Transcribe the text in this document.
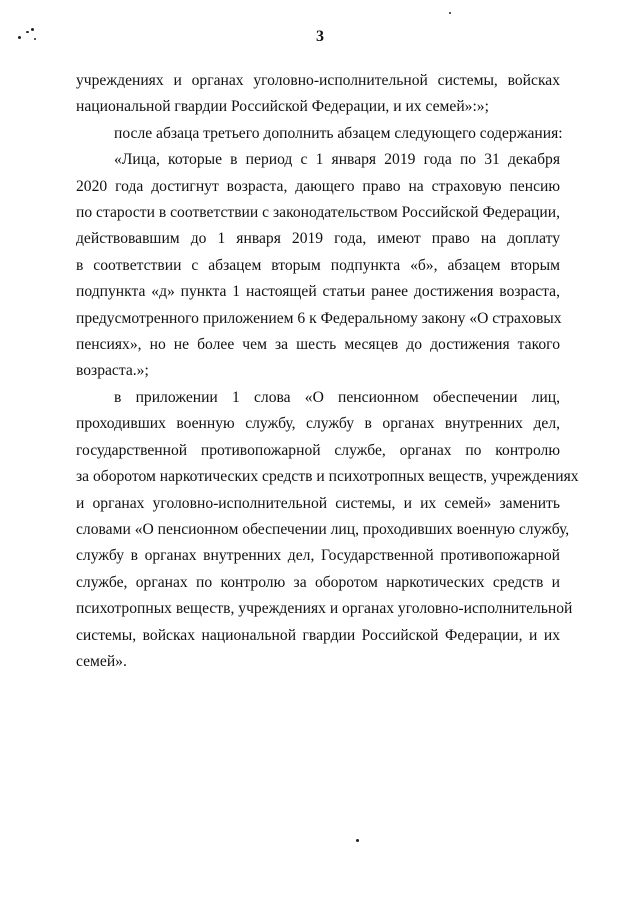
3

учреждениях и органах уголовно-исполнительной системы, войсках
национальной гвардии Российской Федерации, и их семей»:»;

после абзаца третьего дополнить абзацем следующего содержания:

«Лица, которые в период с 1 января 2019 года по 31 декабря
2020 года достигнут возраста, дающего право на страховую пенсию
по старости в соответствии с законодательством Российской Федерации,
действовавшим до 1 января 2019 года, имеют право на доплату
в соответствии с абзацем вторым подпункта «б», абзацем вторым
подпункта «д» пункта 1 настоящей статьи ранее достижения возраста,
предусмотренного приложением 6 к Федеральному закону «О страховых
пенсиях», но не более чем за шесть месяцев до достижения такого
возраста.»;

в приложении 1 слова «О пенсионном обеспечении лиц,
проходивших военную службу, службу в органах внутренних дел,
государственной противопожарной службе, органах по контролю
за оборотом наркотических средств и психотропных веществ, учреждениях
и органах уголовно-исполнительной системы, и их семей» заменить
словами «О пенсионном обеспечении лиц, проходивших военную службу,
службу в органах внутренних дел, Государственной противопожарной
службе, органах по контролю за оборотом наркотических средств и
психотропных веществ, учреждениях и органах уголовно-исполнительной
системы, войсках национальной гвардии Российской Федерации, и их
семей».
